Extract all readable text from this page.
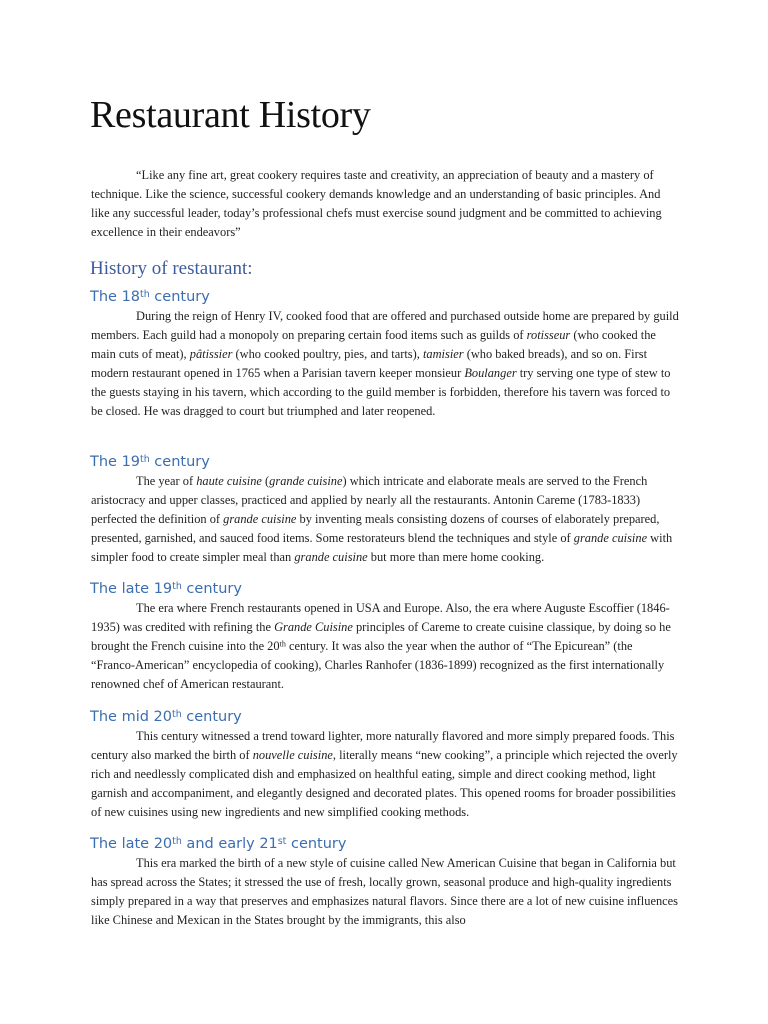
Restaurant History

“Like any fine art, great cookery requires taste and creativity, an appreciation of beauty and a mastery of technique. Like the science, successful cookery demands knowledge and an understanding of basic principles. And like any successful leader, today’s professional chefs must exercise sound judgment and be committed to achieving excellence in their endeavors”

History of restaurant:
The 18th century

During the reign of Henry IV, cooked food that are offered and purchased outside home are prepared by guild members. Each guild had a monopoly on preparing certain food items such as guilds of rotisseur (who cooked the main cuts of meat), pâtissier (who cooked poultry, pies, and tarts), tamisier (who baked breads), and so on. First modern restaurant opened in 1765 when a Parisian tavern keeper monsieur Boulanger try serving one type of stew to the guests staying in his tavern, which according to the guild member is forbidden, therefore his tavern was forced to be closed. He was dragged to court but triumphed and later reopened.

The 19th century

The year of haute cuisine (grande cuisine) which intricate and elaborate meals are served to the French aristocracy and upper classes, practiced and applied by nearly all the restaurants. Antonin Careme (1783-1833) perfected the definition of grande cuisine by inventing meals consisting dozens of courses of elaborately prepared, presented, garnished, and sauced food items. Some restorateurs blend the techniques and style of grande cuisine with simpler food to create simpler meal than grande cuisine but more than mere home cooking.

The late 19th century

The era where French restaurants opened in USA and Europe. Also, the era where Auguste Escoffier (1846-1935) was credited with refining the Grande Cuisine principles of Careme to create cuisine classique, by doing so he brought the French cuisine into the 20th century. It was also the year when the author of “The Epicurean” (the “Franco-American” encyclopedia of cooking), Charles Ranhofer (1836-1899) recognized as the first internationally renowned chef of American restaurant.

The mid 20th century

This century witnessed a trend toward lighter, more naturally flavored and more simply prepared foods. This century also marked the birth of nouvelle cuisine, literally means “new cooking”, a principle which rejected the overly rich and needlessly complicated dish and emphasized on healthful eating, simple and direct cooking method, light garnish and accompaniment, and elegantly designed and decorated plates. This opened rooms for broader possibilities of new cuisines using new ingredients and new simplified cooking methods.

The late 20th and early 21st century

This era marked the birth of a new style of cuisine called New American Cuisine that began in California but has spread across the States; it stressed the use of fresh, locally grown, seasonal produce and high-quality ingredients simply prepared in a way that preserves and emphasizes natural flavors. Since there are a lot of new cuisine influences like Chinese and Mexican in the States brought by the immigrants, this also
